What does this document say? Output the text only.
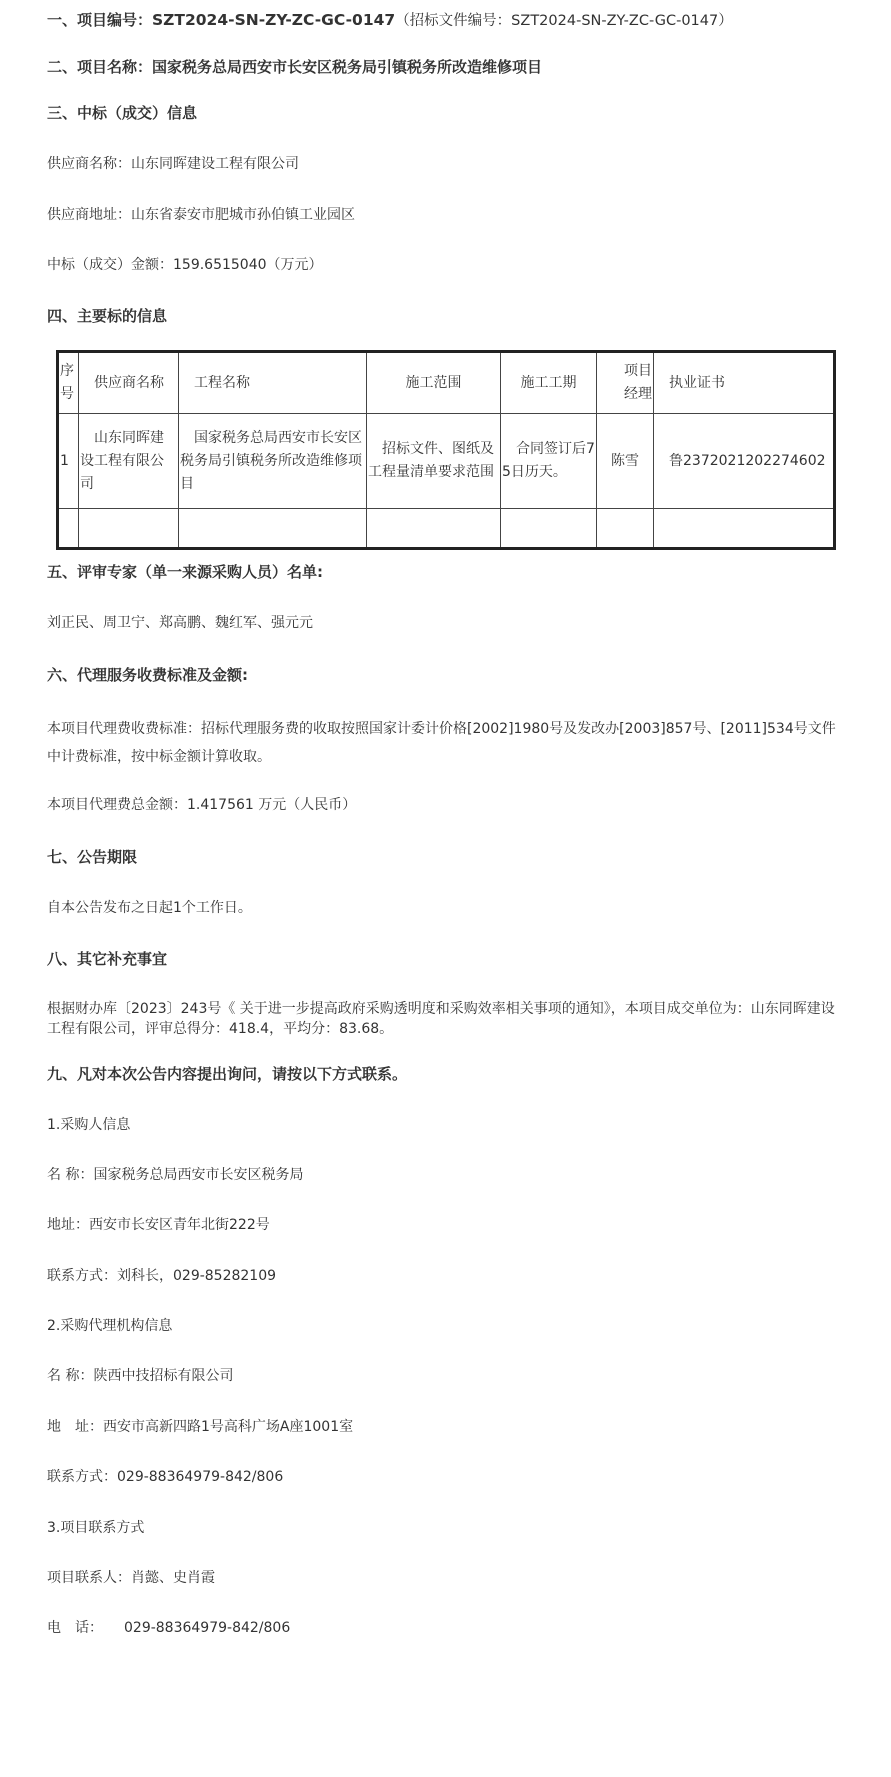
一、项目编号：SZT2024-SN-ZY-ZC-GC-0147（招标文件编号：SZT2024-SN-ZY-ZC-GC-0147）

二、项目名称：国家税务总局西安市长安区税务局引镇税务所改造维修项目

三、中标（成交）信息

供应商名称：山东同晖建设工程有限公司

供应商地址：山东省泰安市肥城市孙伯镇工业园区

中标（成交）金额：159.6515040（万元）

四、主要标的信息

序号	供应商名称	工程名称	施工范围	施工工期	项目经理	执业证书
1	山东同晖建设工程有限公司	国家税务总局西安市长安区税务局引镇税务所改造维修项目	招标文件、图纸及工程量清单要求范围	合同签订后75日历天。	陈雪	鲁2372021202274602

五、评审专家（单一来源采购人员）名单:

刘正民、周卫宁、郑高鹏、魏红军、强元元

六、代理服务收费标准及金额:

本项目代理费收费标准：招标代理服务费的收取按照国家计委计价格[2002]1980号及发改办[2003]857号、[2011]534号文件中计费标准，按中标金额计算收取。

本项目代理费总金额：1.417561 万元（人民币）

七、公告期限

自本公告发布之日起1个工作日。

八、其它补充事宜

根据财办库〔2023〕243号《 关于进一步提高政府采购透明度和采购效率相关事项的通知》，本项目成交单位为：山东同晖建设工程有限公司，评审总得分：418.4，平均分：83.68。

九、凡对本次公告内容提出询问，请按以下方式联系。

1.采购人信息

名 称：国家税务总局西安市长安区税务局

地址：西安市长安区青年北街222号

联系方式：刘科长，029-85282109

2.采购代理机构信息

名 称：陕西中技招标有限公司

地　址：西安市高新四路1号高科广场A座1001室

联系方式：029-88364979-842/806

3.项目联系方式

项目联系人：肖懿、史肖霞

电　话：　　029-88364979-842/806
